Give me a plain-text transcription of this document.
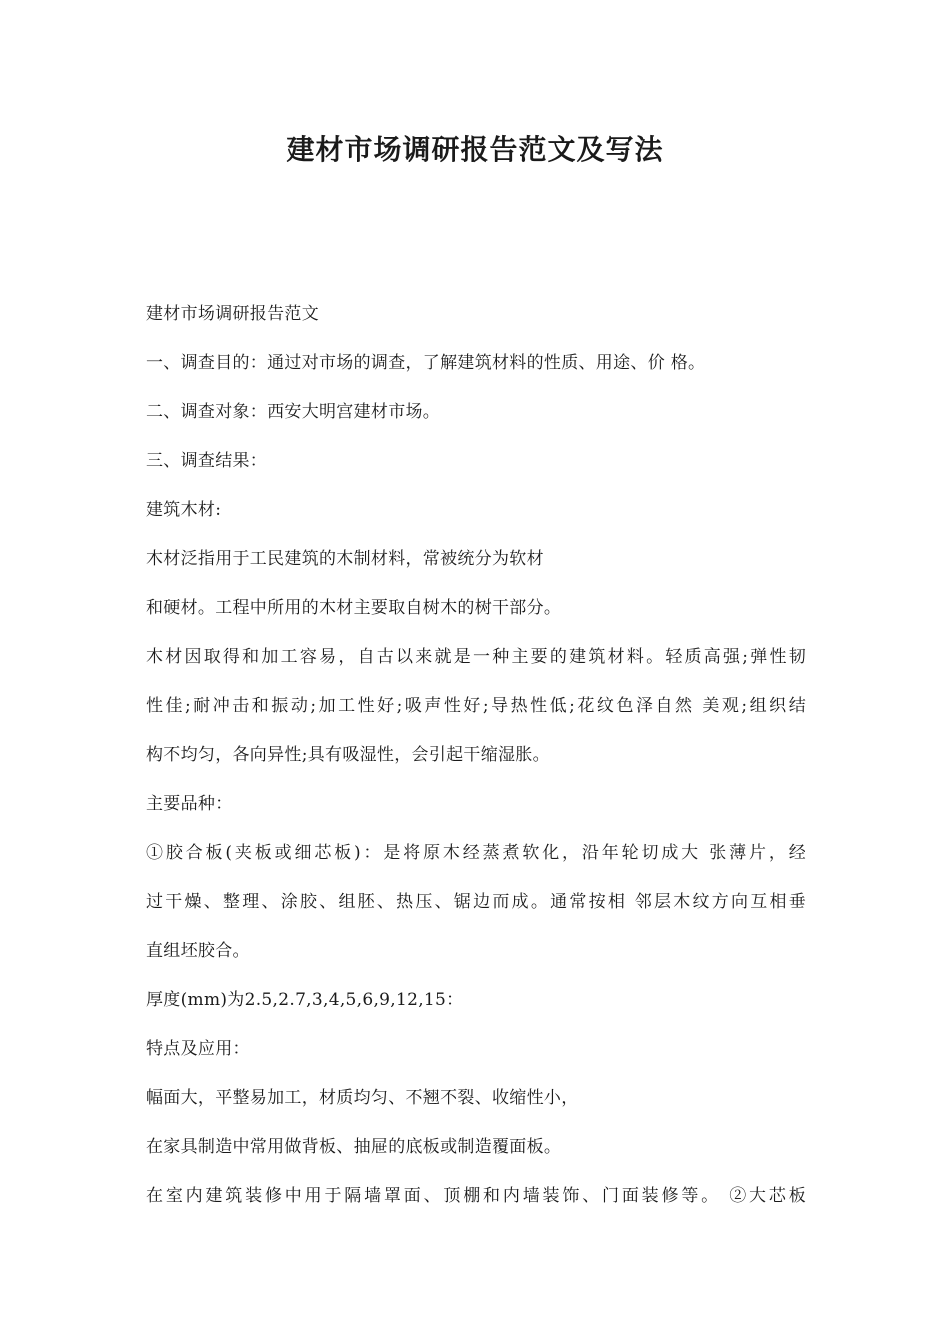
建材市场调研报告范文及写法
建材市场调研报告范文
一、调查目的：通过对市场的调查，了解建筑材料的性质、用途、价 格。
二、调查对象：西安大明宫建材市场。
三、调查结果：
建筑木材:
木材泛指用于工民建筑的木制材料，常被统分为软材
和硬材。工程中所用的木材主要取自树木的树干部分。
木材因取得和加工容易，自古以来就是一种主要的建筑材料。轻质高强;弹性韧
性佳;耐冲击和振动;加工性好;吸声性好;导热性低;花纹色泽自然 美观;组织结
构不均匀，各向异性;具有吸湿性，会引起干缩湿胀。
主要品种：
①胶合板(夹板或细芯板)：是将原木经蒸煮软化，沿年轮切成大 张薄片，经
过干燥、整理、涂胶、组胚、热压、锯边而成。通常按相 邻层木纹方向互相垂
直组坯胶合。
厚度(mm)为2.5,2.7,3,4,5,6,9,12,15：
特点及应用：
幅面大，平整易加工，材质均匀、不翘不裂、收缩性小，
在家具制造中常用做背板、抽屉的底板或制造覆面板。
在室内建筑装修中用于隔墙罩面、顶棚和内墙装饰、门面装修等。 ②大芯板
